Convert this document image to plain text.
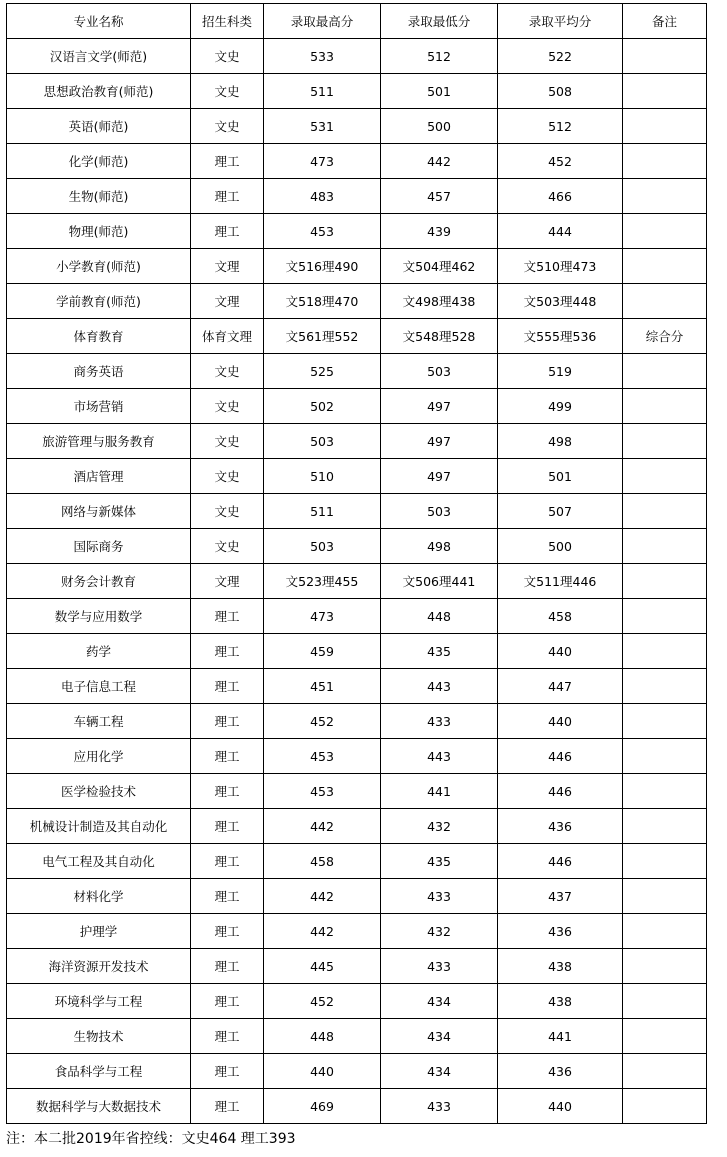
专业名称	招生科类	录取最高分	录取最低分	录取平均分	备注
汉语言文学(师范)	文史	533	512	522	
思想政治教育(师范)	文史	511	501	508	
英语(师范)	文史	531	500	512	
化学(师范)	理工	473	442	452	
生物(师范)	理工	483	457	466	
物理(师范)	理工	453	439	444	
小学教育(师范)	文理	文516理490	文504理462	文510理473	
学前教育(师范)	文理	文518理470	文498理438	文503理448	
体育教育	体育文理	文561理552	文548理528	文555理536	综合分
商务英语	文史	525	503	519	
市场营销	文史	502	497	499	
旅游管理与服务教育	文史	503	497	498	
酒店管理	文史	510	497	501	
网络与新媒体	文史	511	503	507	
国际商务	文史	503	498	500	
财务会计教育	文理	文523理455	文506理441	文511理446	
数学与应用数学	理工	473	448	458	
药学	理工	459	435	440	
电子信息工程	理工	451	443	447	
车辆工程	理工	452	433	440	
应用化学	理工	453	443	446	
医学检验技术	理工	453	441	446	
机械设计制造及其自动化	理工	442	432	436	
电气工程及其自动化	理工	458	435	446	
材料化学	理工	442	433	437	
护理学	理工	442	432	436	
海洋资源开发技术	理工	445	433	438	
环境科学与工程	理工	452	434	438	
生物技术	理工	448	434	441	
食品科学与工程	理工	440	434	436	
数据科学与大数据技术	理工	469	433	440	
注：本二批2019年省控线：文史464 理工393
